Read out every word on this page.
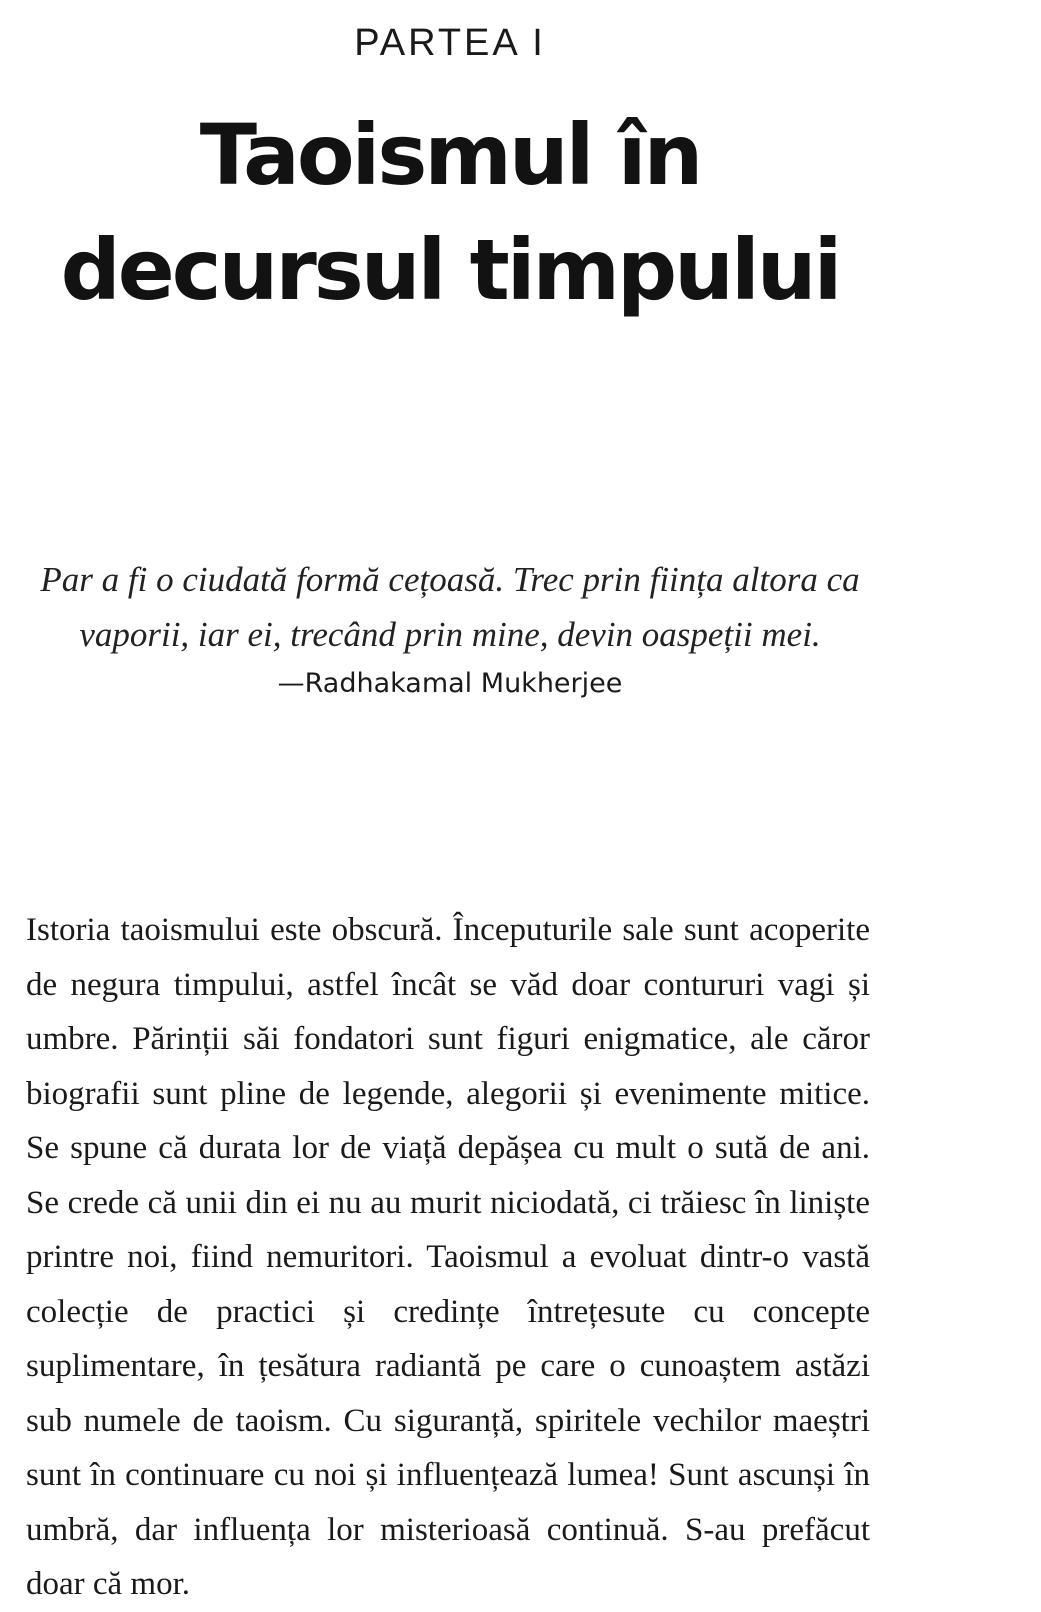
PARTEA I
Taoismul în decursul timpului

Par a fi o ciudată formă cețoasă. Trec prin ființa altora ca vaporii, iar ei, trecând prin mine, devin oaspeții mei.

—Radhakamal Mukherjee

Istoria taoismului este obscură. Începuturile sale sunt acoperite de negura timpului, astfel încât se văd doar contururi vagi și umbre. Părinții săi fondatori sunt figuri enigmatice, ale căror biografii sunt pline de legende, alegorii și evenimente mitice. Se spune că durata lor de viață depășea cu mult o sută de ani. Se crede că unii din ei nu au murit niciodată, ci trăiesc în liniște printre noi, fiind nemuritori. Taoismul a evoluat dintr-o vastă colecție de practici și credințe întrețesute cu concepte suplimentare, în țesătura radiantă pe care o cunoaștem astăzi sub numele de taoism. Cu siguranță, spiritele vechilor maeștri sunt în continuare cu noi și influențează lumea! Sunt ascunși în umbră, dar influența lor misterioasă continuă. S-au prefăcut doar că mor.
